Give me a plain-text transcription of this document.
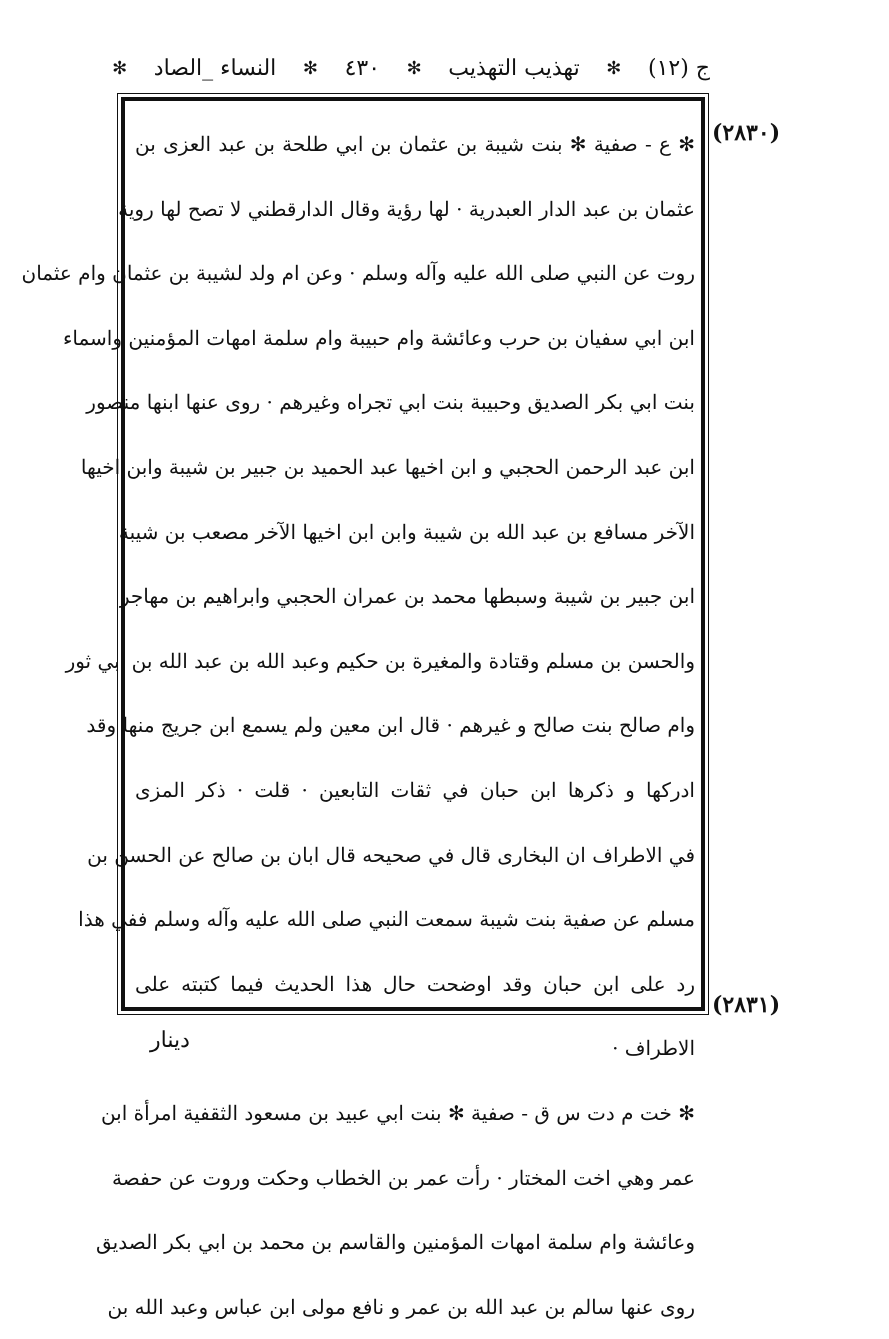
ج (١٢)
✻
تهذيب التهذيب
✻
٤٣٠
✻
النساء _الصاد
✻
(٢٨٣٠)
(٢٨٣١)
✻ ع - صفية ✻ بنت شيبة بن عثمان بن ابي طلحة بن عبد العزى بن
عثمان بن عبد الدار العبدرية · لها رؤية وقال الدارقطني لا تصح لها روية
روت عن النبي صلى الله عليه وآله وسلم · وعن ام ولد لشيبة بن عثمان وام عثمان
ابن ابي سفيان بن حرب وعائشة وام حبيبة وام سلمة امهات المؤمنين واسماء
بنت ابي بكر الصديق وحبيبة بنت ابي تجراه وغيرهم · روى عنها ابنها منصور
ابن عبد الرحمن الحجبي و ابن اخيها عبد الحميد بن جبير بن شيبة وابن اخيها
الآخر مسافع بن عبد الله بن شيبة وابن ابن اخيها الآخر مصعب بن شيبة
ابن جبير بن شيبة وسبطها محمد بن عمران الحجبي وابراهيم بن مهاجر
والحسن بن مسلم وقتادة والمغيرة بن حكيم وعبد الله بن عبد الله بن ابي ثور
وام صالح بنت صالح و غيرهم · قال ابن معين ولم يسمع ابن جريج منها وقد
ادركها و ذكرها ابن حبان في ثقات التابعين · قلت · ذكر المزى
في الاطراف ان البخارى قال في صحيحه قال ابان بن صالح عن الحسن بن
مسلم عن صفية بنت شيبة سمعت النبي صلى الله عليه وآله وسلم ففي هذا
رد على ابن حبان وقد اوضحت حال هذا الحديث فيما كتبته على
الاطراف ·
✻ خت م دت س ق - صفية ✻ بنت ابي عبيد بن مسعود الثقفية امرأة ابن
عمر وهي اخت المختار · رأت عمر بن الخطاب وحكت وروت عن حفصة
وعائشة وام سلمة امهات المؤمنين والقاسم بن محمد بن ابي بكر الصديق
روى عنها سالم بن عبد الله بن عمر و نافع مولى ابن عباس وعبد الله بن
دينار
